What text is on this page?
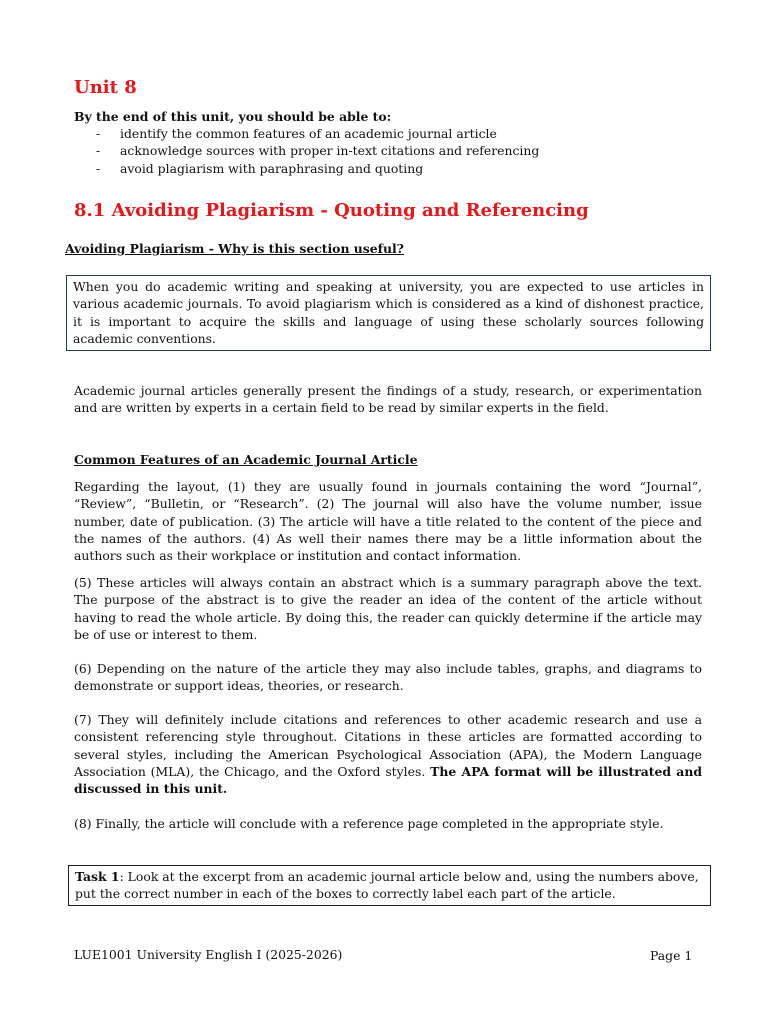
Unit 8
By the end of this unit, you should be able to:
- identify the common features of an academic journal article
- acknowledge sources with proper in-text citations and referencing
- avoid plagiarism with paraphrasing and quoting
8.1 Avoiding Plagiarism - Quoting and Referencing
Avoiding Plagiarism - Why is this section useful?
When you do academic writing and speaking at university, you are expected to use articles in various academic journals. To avoid plagiarism which is considered as a kind of dishonest practice, it is important to acquire the skills and language of using these scholarly sources following academic conventions.
Academic journal articles generally present the findings of a study, research, or experimentation and are written by experts in a certain field to be read by similar experts in the field.
Common Features of an Academic Journal Article
Regarding the layout, (1) they are usually found in journals containing the word “Journal”, “Review”, “Bulletin, or “Research”. (2) The journal will also have the volume number, issue number, date of publication. (3) The article will have a title related to the content of the piece and the names of the authors. (4) As well their names there may be a little information about the authors such as their workplace or institution and contact information.
(5) These articles will always contain an abstract which is a summary paragraph above the text. The purpose of the abstract is to give the reader an idea of the content of the article without having to read the whole article. By doing this, the reader can quickly determine if the article may be of use or interest to them.
(6) Depending on the nature of the article they may also include tables, graphs, and diagrams to demonstrate or support ideas, theories, or research.
(7) They will definitely include citations and references to other academic research and use a consistent referencing style throughout. Citations in these articles are formatted according to several styles, including the American Psychological Association (APA), the Modern Language Association (MLA), the Chicago, and the Oxford styles. The APA format will be illustrated and discussed in this unit.
(8) Finally, the article will conclude with a reference page completed in the appropriate style.
Task 1: Look at the excerpt from an academic journal article below and, using the numbers above, put the correct number in each of the boxes to correctly label each part of the article.
LUE1001 University English I (2025-2026)	Page 1
